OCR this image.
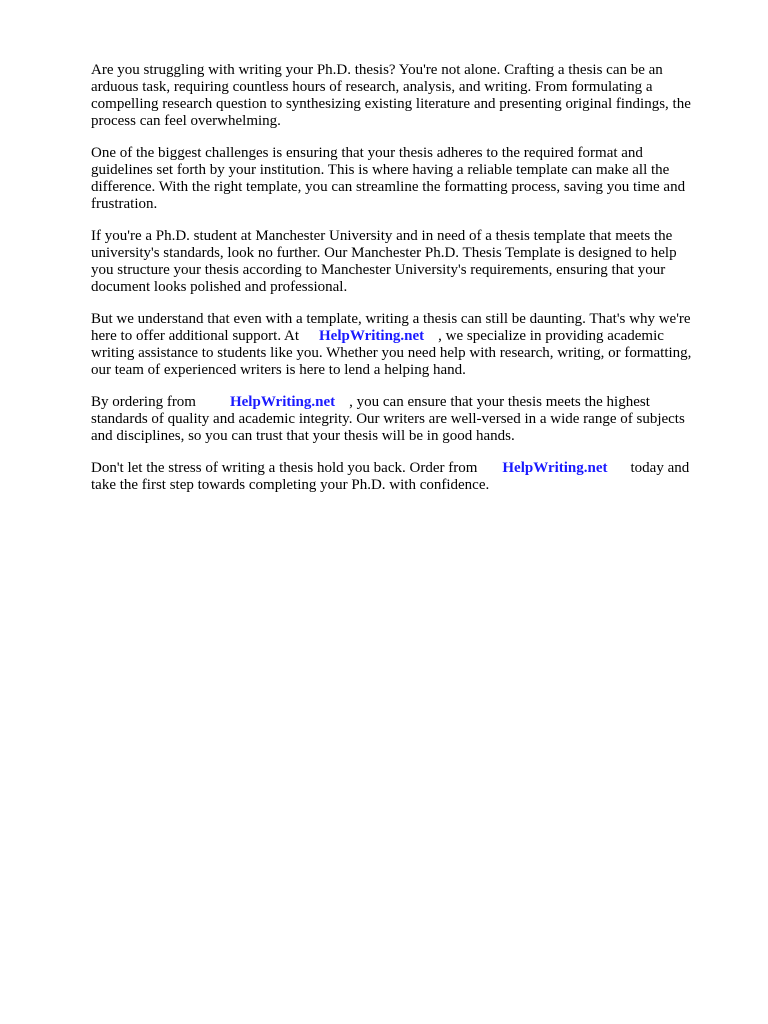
Are you struggling with writing your Ph.D. thesis? You're not alone. Crafting a thesis can be an
arduous task, requiring countless hours of research, analysis, and writing. From formulating a
compelling research question to synthesizing existing literature and presenting original findings, the
process can feel overwhelming.

One of the biggest challenges is ensuring that your thesis adheres to the required format and
guidelines set forth by your institution. This is where having a reliable template can make all the
difference. With the right template, you can streamline the formatting process, saving you time and
frustration.

If you're a Ph.D. student at Manchester University and in need of a thesis template that meets the
university's standards, look no further. Our Manchester Ph.D. Thesis Template is designed to help
you structure your thesis according to Manchester University's requirements, ensuring that your
document looks polished and professional.

But we understand that even with a template, writing a thesis can still be daunting. That's why we're
here to offer additional support. At HelpWriting.net , we specialize in providing academic
writing assistance to students like you. Whether you need help with research, writing, or formatting,
our team of experienced writers is here to lend a helping hand.

By ordering from HelpWriting.net , you can ensure that your thesis meets the highest
standards of quality and academic integrity. Our writers are well-versed in a wide range of subjects
and disciplines, so you can trust that your thesis will be in good hands.

Don't let the stress of writing a thesis hold you back. Order from HelpWriting.net today and
take the first step towards completing your Ph.D. with confidence.
